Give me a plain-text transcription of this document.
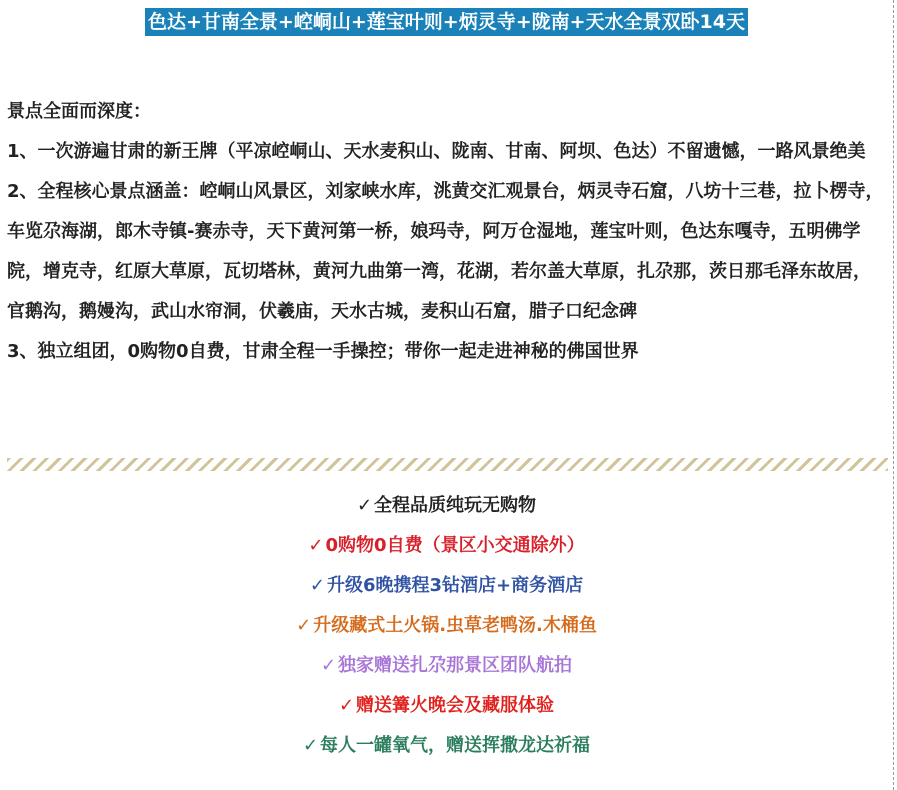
色达+甘南全景+崆峒山+莲宝叶则+炳灵寺+陇南+天水全景双卧14天

景点全面而深度：

1、一次游遍甘肃的新王牌（平凉崆峒山、天水麦积山、陇南、甘南、阿坝、色达）不留遗憾，一路风景绝美

2、全程核心景点涵盖：崆峒山风景区，刘家峡水库，洮黄交汇观景台，炳灵寺石窟，八坊十三巷，拉卜楞寺，车览尕海湖，郎木寺镇-赛赤寺，天下黄河第一桥，娘玛寺，阿万仓湿地，莲宝叶则，色达东嘎寺，五明佛学院，增克寺，红原大草原，瓦切塔林，黄河九曲第一湾，花湖，若尔盖大草原，扎尕那，茨日那毛泽东故居，官鹅沟，鹅嫚沟，武山水帘洞，伏羲庙，天水古城，麦积山石窟，腊子口纪念碑

3、独立组团，0购物0自费，甘肃全程一手操控；带你一起走进神秘的佛国世界

✓ 全程品质纯玩无购物
✓ 0购物0自费（景区小交通除外）
✓ 升级6晚携程3钻酒店+商务酒店
✓ 升级藏式土火锅.虫草老鸭汤.木桶鱼
✓ 独家赠送扎尕那景区团队航拍
✓ 赠送篝火晚会及藏服体验
✓ 每人一罐氧气，赠送挥撒龙达祈福
